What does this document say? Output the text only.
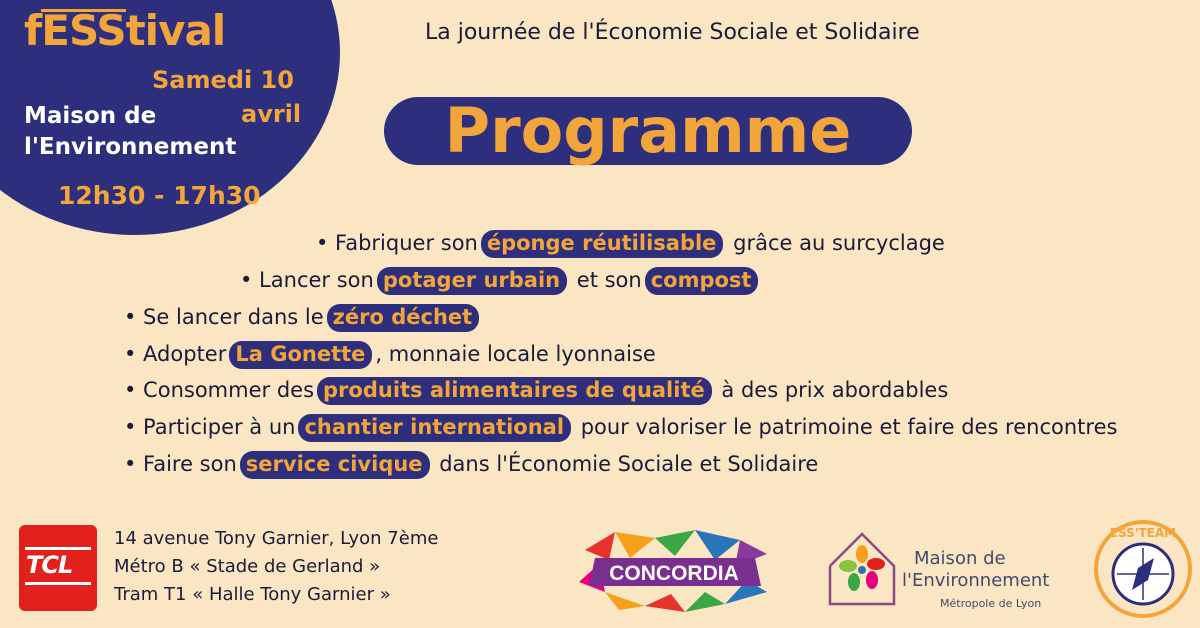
fESStival
Samedi 10
avril
Maison de
l'Environnement
12h30 - 17h30
La journée de l'Économie Sociale et Solidaire
Programme
• Fabriquer son éponge réutilisable grâce au surcyclage
• Lancer son potager urbain et son compost
• Se lancer dans le zéro déchet
• Adopter La Gonette , monnaie locale lyonnaise
• Consommer des produits alimentaires de qualité à des prix abordables
• Participer à un chantier international pour valoriser le patrimoine et faire des rencontres
• Faire son service civique dans l'Économie Sociale et Solidaire
TCL
14 avenue Tony Garnier, Lyon 7ème
Métro B « Stade de Gerland »
Tram T1 « Halle Tony Garnier »
CONCORDIA
Maison de
l'Environnement
Métropole de Lyon
ESS'TEAM
